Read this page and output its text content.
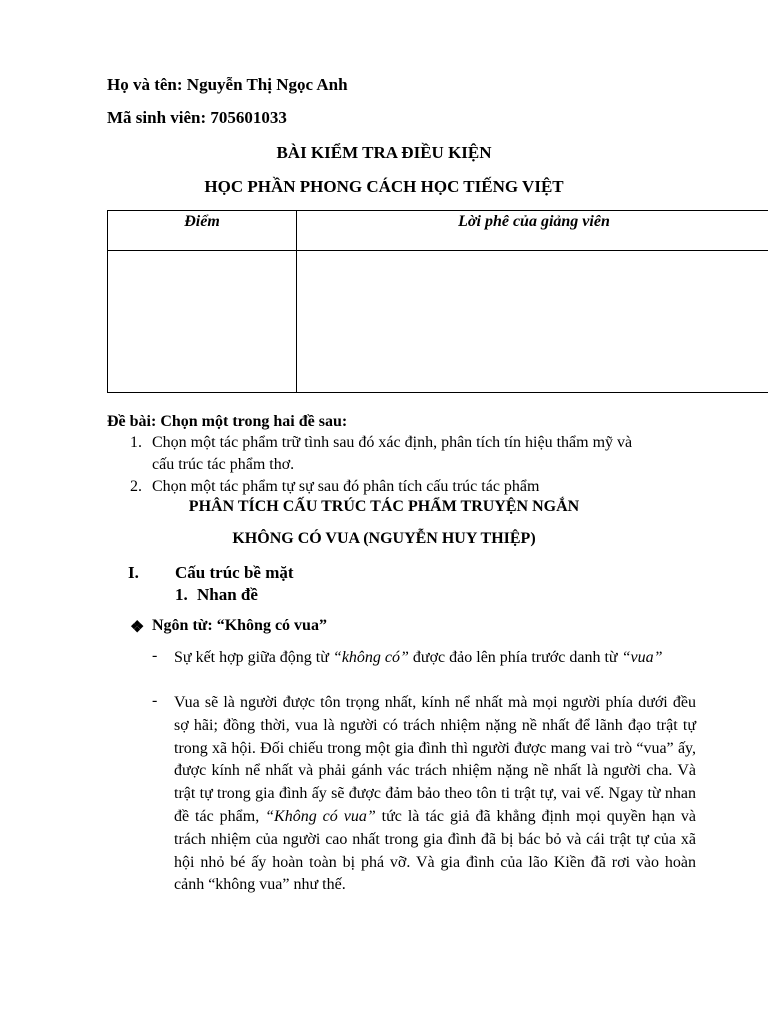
Họ và tên: Nguyễn Thị Ngọc Anh
Mã sinh viên: 705601033
BÀI KIỂM TRA ĐIỀU KIỆN
HỌC PHẦN PHONG CÁCH HỌC TIẾNG VIỆT
Điểm	Lời phê của giảng viên

Đề bài: Chọn một trong hai đề sau:
1. Chọn một tác phẩm trữ tình sau đó xác định, phân tích tín hiệu thẩm mỹ và
cấu trúc tác phẩm thơ.
2. Chọn một tác phẩm tự sự sau đó phân tích cấu trúc tác phẩm
PHÂN TÍCH CẤU TRÚC TÁC PHẨM TRUYỆN NGẮN
KHÔNG CÓ VUA (NGUYỄN HUY THIỆP)
I. Cấu trúc bề mặt
1. Nhan đề
❖ Ngôn từ: “Không có vua”
- Sự kết hợp giữa động từ “không có” được đảo lên phía trước danh từ “vua”
- Vua sẽ là người được tôn trọng nhất, kính nể nhất mà mọi người phía dưới đều sợ hãi; đồng thời, vua là người có trách nhiệm nặng nề nhất để lãnh đạo trật tự trong xã hội. Đối chiếu trong một gia đình thì người được mang vai trò “vua” ấy, được kính nể nhất và phải gánh vác trách nhiệm nặng nề nhất là người cha. Và trật tự trong gia đình ấy sẽ được đảm bảo theo tôn ti trật tự, vai vế. Ngay từ nhan đề tác phẩm, “Không có vua” tức là tác giả đã khẳng định mọi quyền hạn và trách nhiệm của người cao nhất trong gia đình đã bị bác bỏ và cái trật tự của xã hội nhỏ bé ấy hoàn toàn bị phá vỡ. Và gia đình của lão Kiền đã rơi vào hoàn cảnh “không vua” như thế.
